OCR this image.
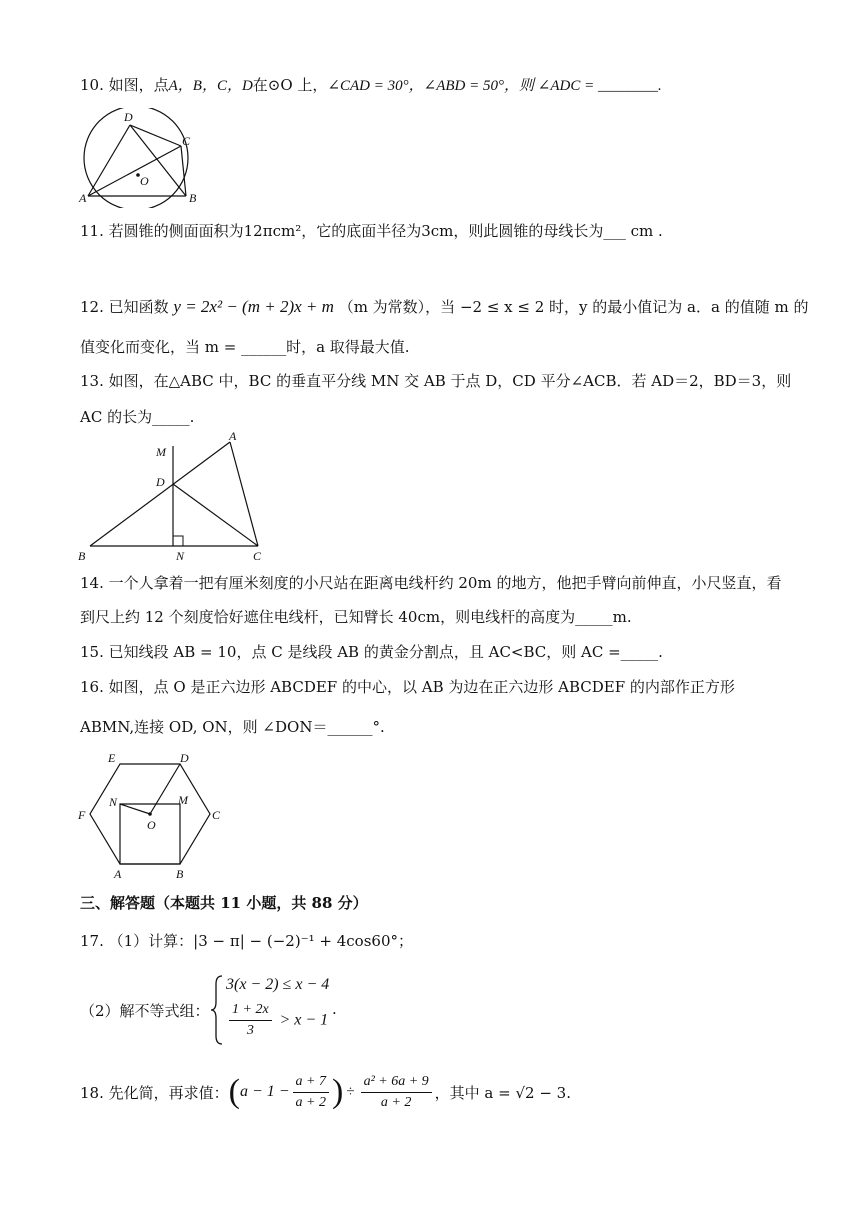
10. 如图，点A，B，C，D在⊙O 上，∠CAD = 30°，∠ABD = 50°，则 ∠ADC = ________.
D
C
O
A	B
11. 若圆锥的侧面面积为12πcm²，它的底面半径为3cm，则此圆锥的母线长为___ cm .
12. 已知函数 y = 2x² − (m + 2)x + m （m 为常数），当 −2 ≤ x ≤ 2 时，y 的最小值记为 a．a 的值随 m 的
值变化而变化，当 m = ______时，a 取得最大值.
13. 如图，在△ABC 中，BC 的垂直平分线 MN 交 AB 于点 D，CD 平分∠ACB．若 AD＝2，BD＝3，则
AC 的长为_____.
M
A
D
B	N	C
14. 一个人拿着一把有厘米刻度的小尺站在距离电线杆约 20m 的地方，他把手臂向前伸直，小尺竖直，看
到尺上约 12 个刻度恰好遮住电线杆，已知臂长 40cm，则电线杆的高度为_____m.
15. 已知线段 AB = 10，点 C 是线段 AB 的黄金分割点，且 AC<BC，则 AC =_____.
16. 如图，点 O 是正六边形 ABCDEF 的中心，以 AB 为边在正六边形 ABCDEF 的内部作正方形
ABMN,连接 OD, ON，则 ∠DON＝______°.
E	D
N	M
F
O
C
A	B
三、解答题（本题共 11 小题，共 88 分）
17. （1）计算：|3 − π| − (−2)⁻¹ + 4cos60°；
（2）解不等式组：
3(x − 2) ≤ x − 4
$\frac{1 + 2x}{3} > x - 1$
.
18. 先化简，再求值： ( $a - 1 - \frac{a + 7}{a + 2}$ ) ÷ $\frac{\text{a² + 6a + 9}}{a + 2}$ ，其中 a = √2 − 3.
